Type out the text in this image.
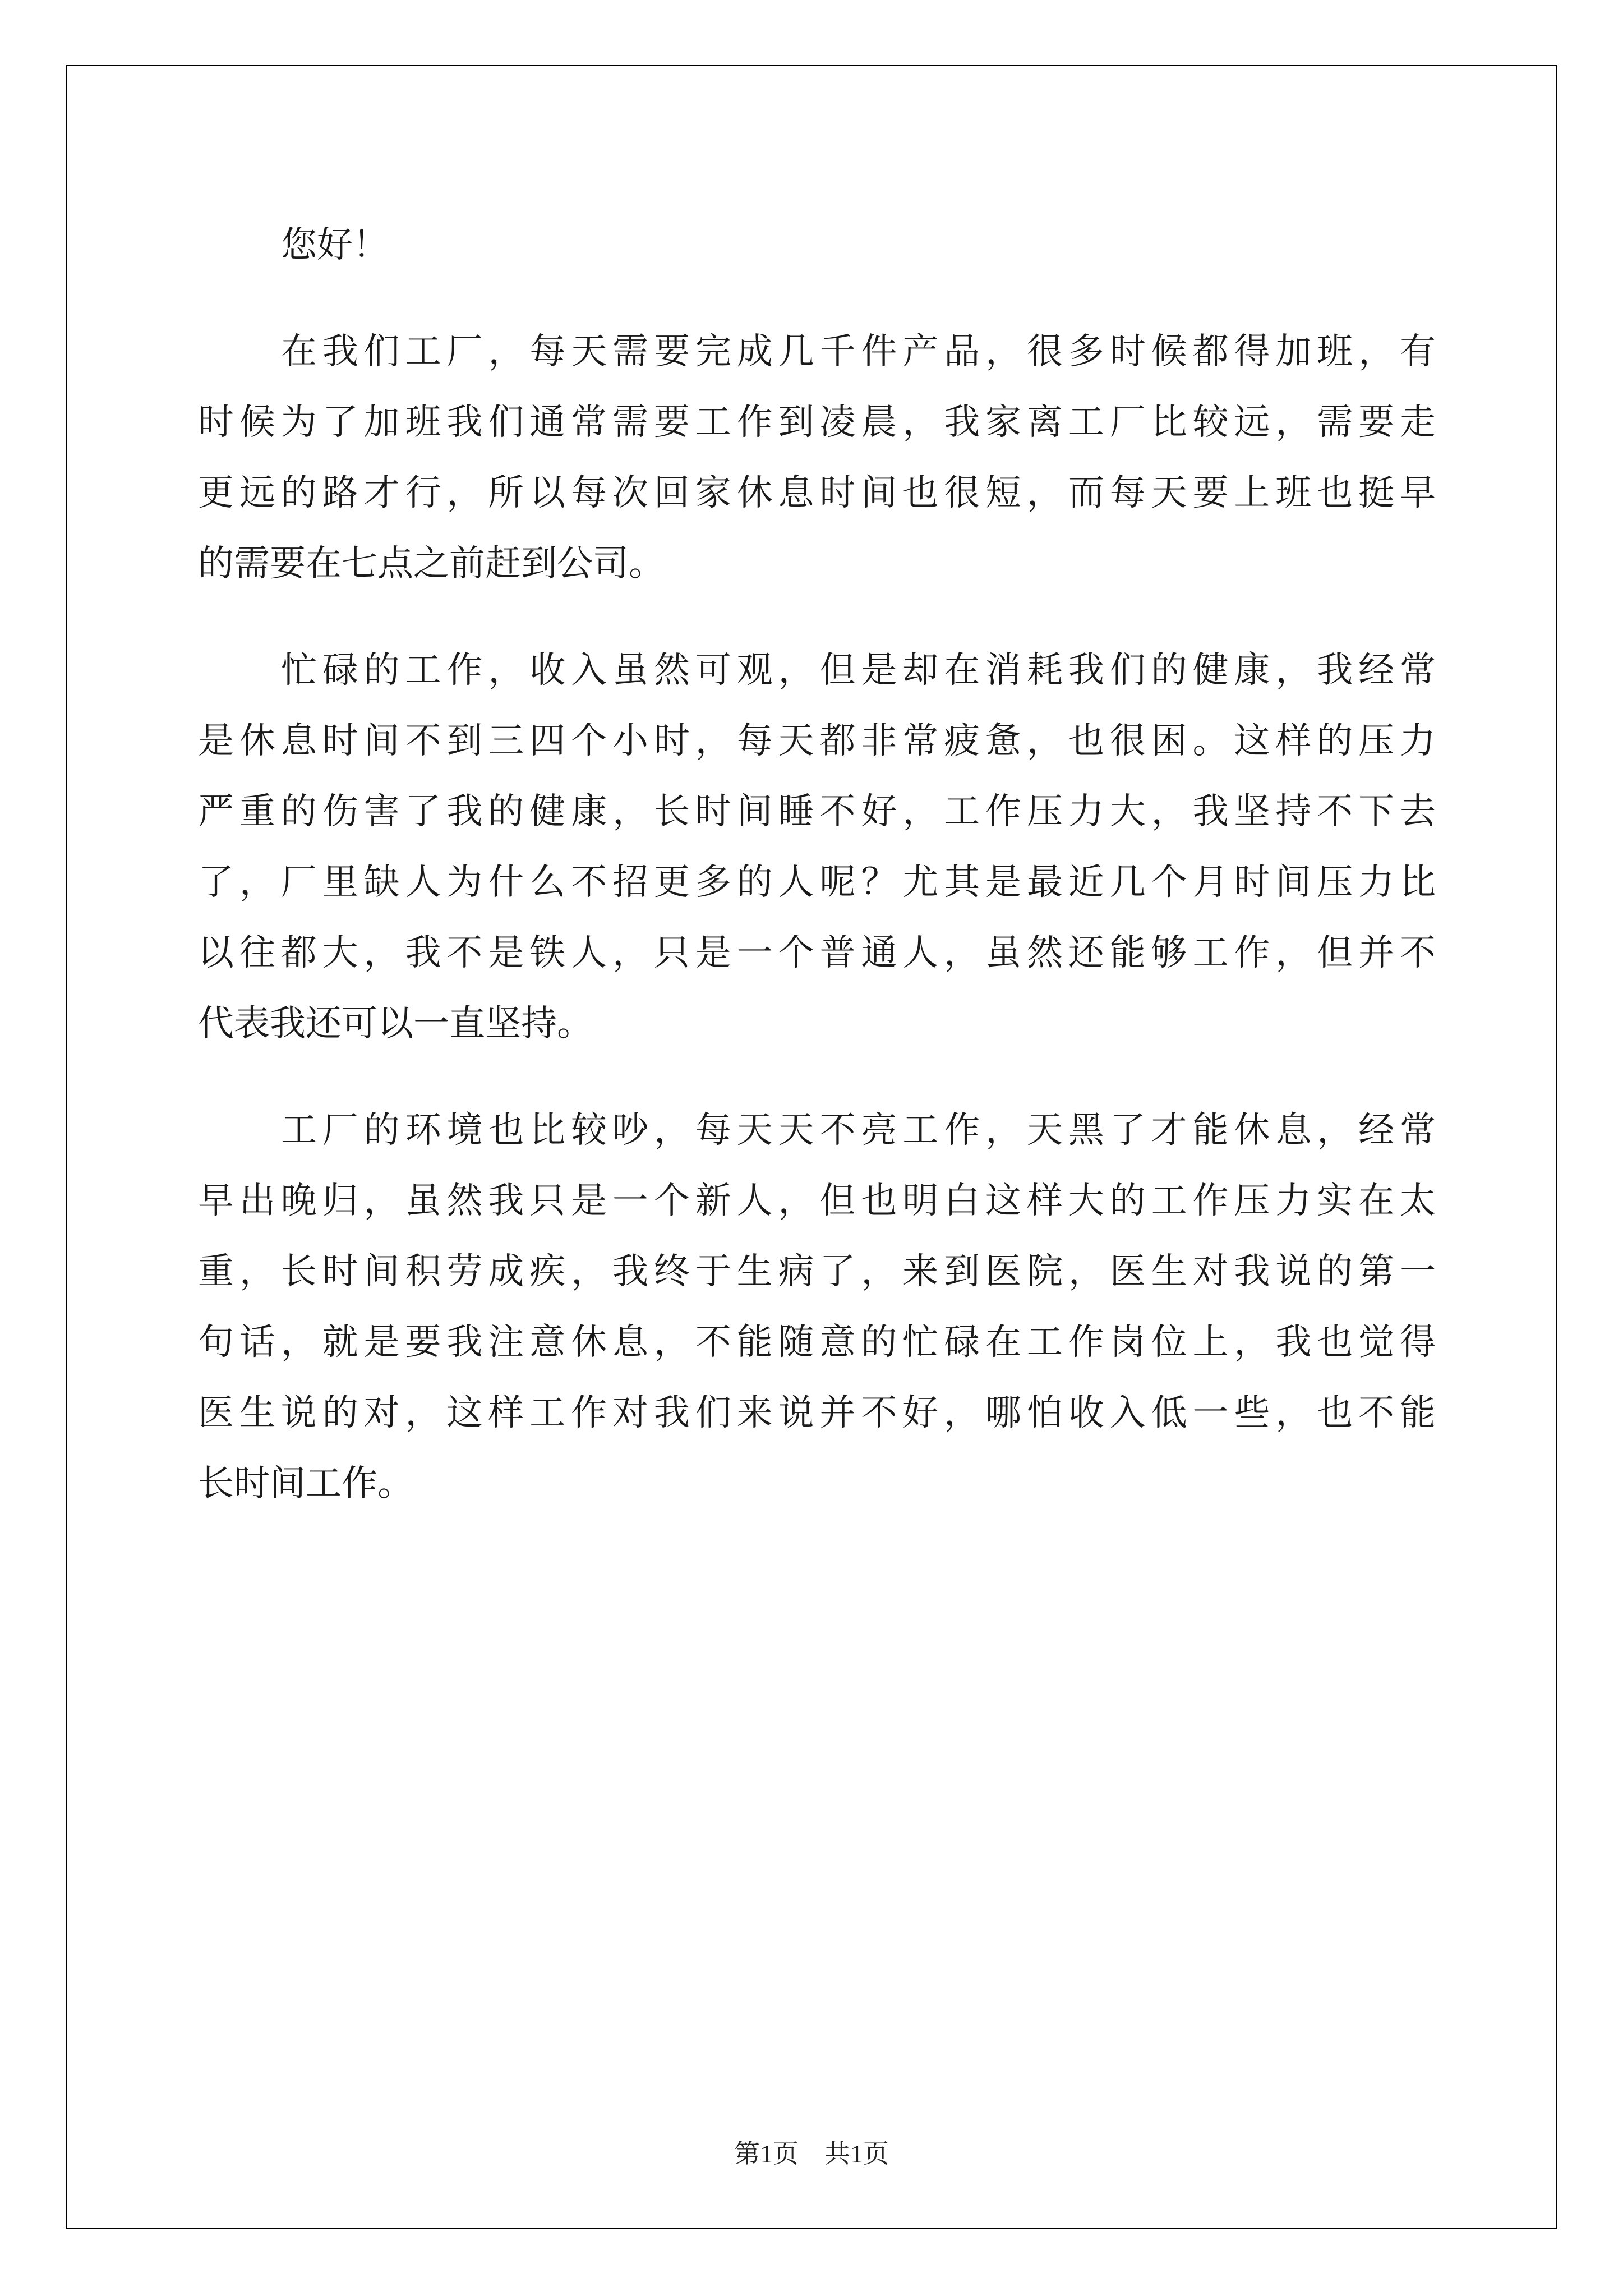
您好！
在我们工厂，每天需要完成几千件产品，很多时候都得加班，有
时候为了加班我们通常需要工作到凌晨，我家离工厂比较远，需要走
更远的路才行，所以每次回家休息时间也很短，而每天要上班也挺早
的需要在七点之前赶到公司。
忙碌的工作，收入虽然可观，但是却在消耗我们的健康，我经常
是休息时间不到三四个小时，每天都非常疲惫，也很困。这样的压力
严重的伤害了我的健康，长时间睡不好，工作压力大，我坚持不下去
了，厂里缺人为什么不招更多的人呢？尤其是最近几个月时间压力比
以往都大，我不是铁人，只是一个普通人，虽然还能够工作，但并不
代表我还可以一直坚持。
工厂的环境也比较吵，每天天不亮工作，天黑了才能休息，经常
早出晚归，虽然我只是一个新人，但也明白这样大的工作压力实在太
重，长时间积劳成疾，我终于生病了，来到医院，医生对我说的第一
句话，就是要我注意休息，不能随意的忙碌在工作岗位上，我也觉得
医生说的对，这样工作对我们来说并不好，哪怕收入低一些，也不能
长时间工作。
第1页 共1页
